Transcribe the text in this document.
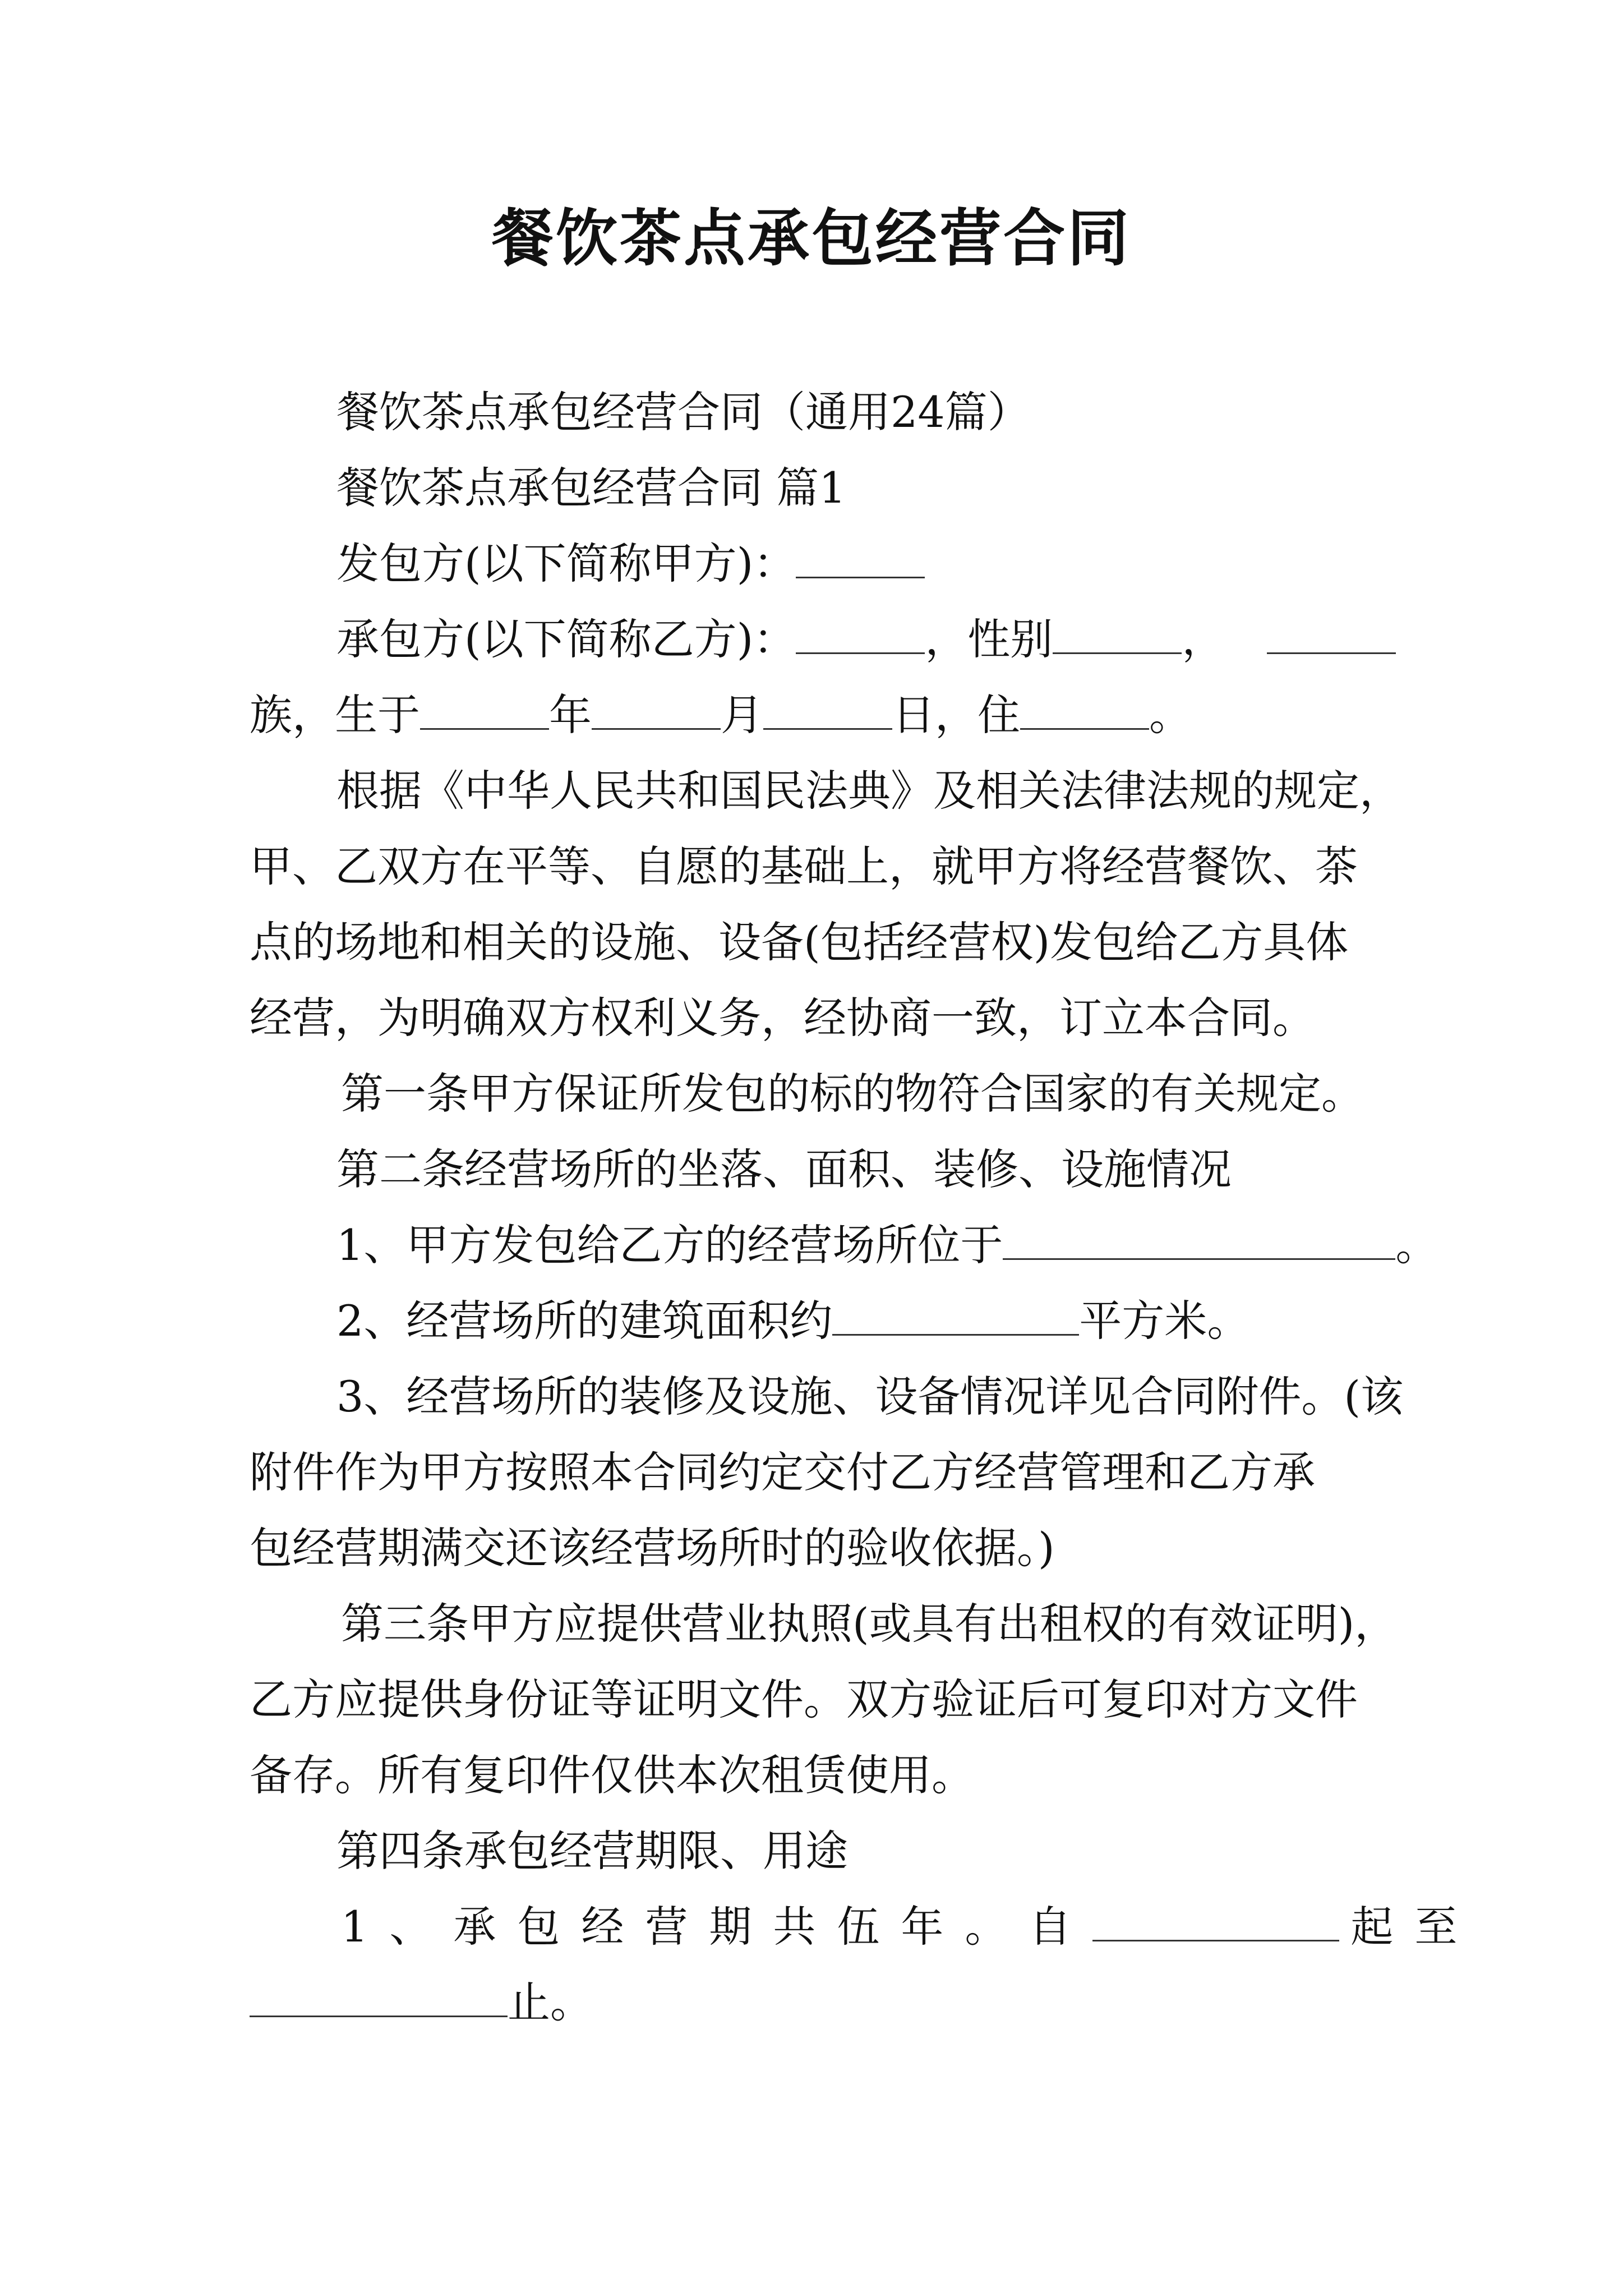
餐饮茶点承包经营合同
餐饮茶点承包经营合同（通用24篇）
餐饮茶点承包经营合同 篇1
发包方(以下简称甲方)：
承包方(以下简称乙方)：	，性别	，
族，生于	年	月	日，住	。
根据《中华人民共和国民法典》及相关法律法规的规定，
甲、乙双方在平等、自愿的基础上，就甲方将经营餐饮、茶
点的场地和相关的设施、设备(包括经营权)发包给乙方具体
经营，为明确双方权利义务，经协商一致，订立本合同。
第一条甲方保证所发包的标的物符合国家的有关规定。
第二条经营场所的坐落、面积、装修、设施情况
1、甲方发包给乙方的经营场所位于	。
2、经营场所的建筑面积约	平方米。
3、经营场所的装修及设施、设备情况详见合同附件。(该
附件作为甲方按照本合同约定交付乙方经营管理和乙方承
包经营期满交还该经营场所时的验收依据。)
第三条甲方应提供营业执照(或具有出租权的有效证明)，
乙方应提供身份证等证明文件。双方验证后可复印对方文件
备存。所有复印件仅供本次租赁使用。
第四条承包经营期限、用途
1、承包经营期共伍年。自	起至
止。
